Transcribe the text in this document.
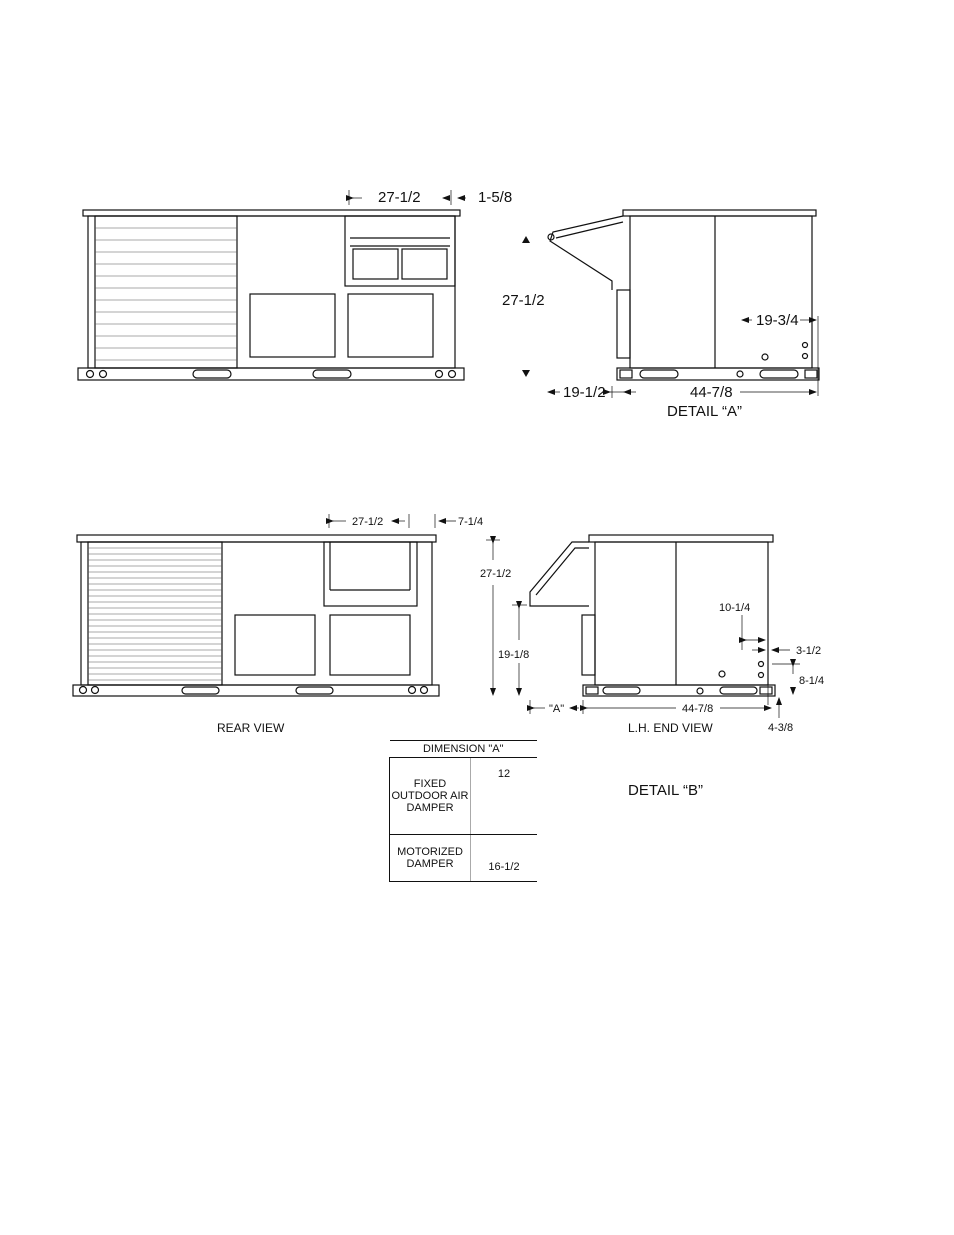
27-1/2	1-5/8
27-1/2
19-3/4
19-1/2	44-7/8
DETAIL “A”
27-1/2	7-1/4
REAR VIEW
27-1/2
19-1/8
"A"	44-7/8
10-1/4
3-1/2
8-1/4
4-3/8
L.H. END VIEW
DETAIL “B”
DIMENSION "A"	
FIXED OUTDOOR AIR DAMPER	12
MOTORIZED DAMPER	16-1/2
